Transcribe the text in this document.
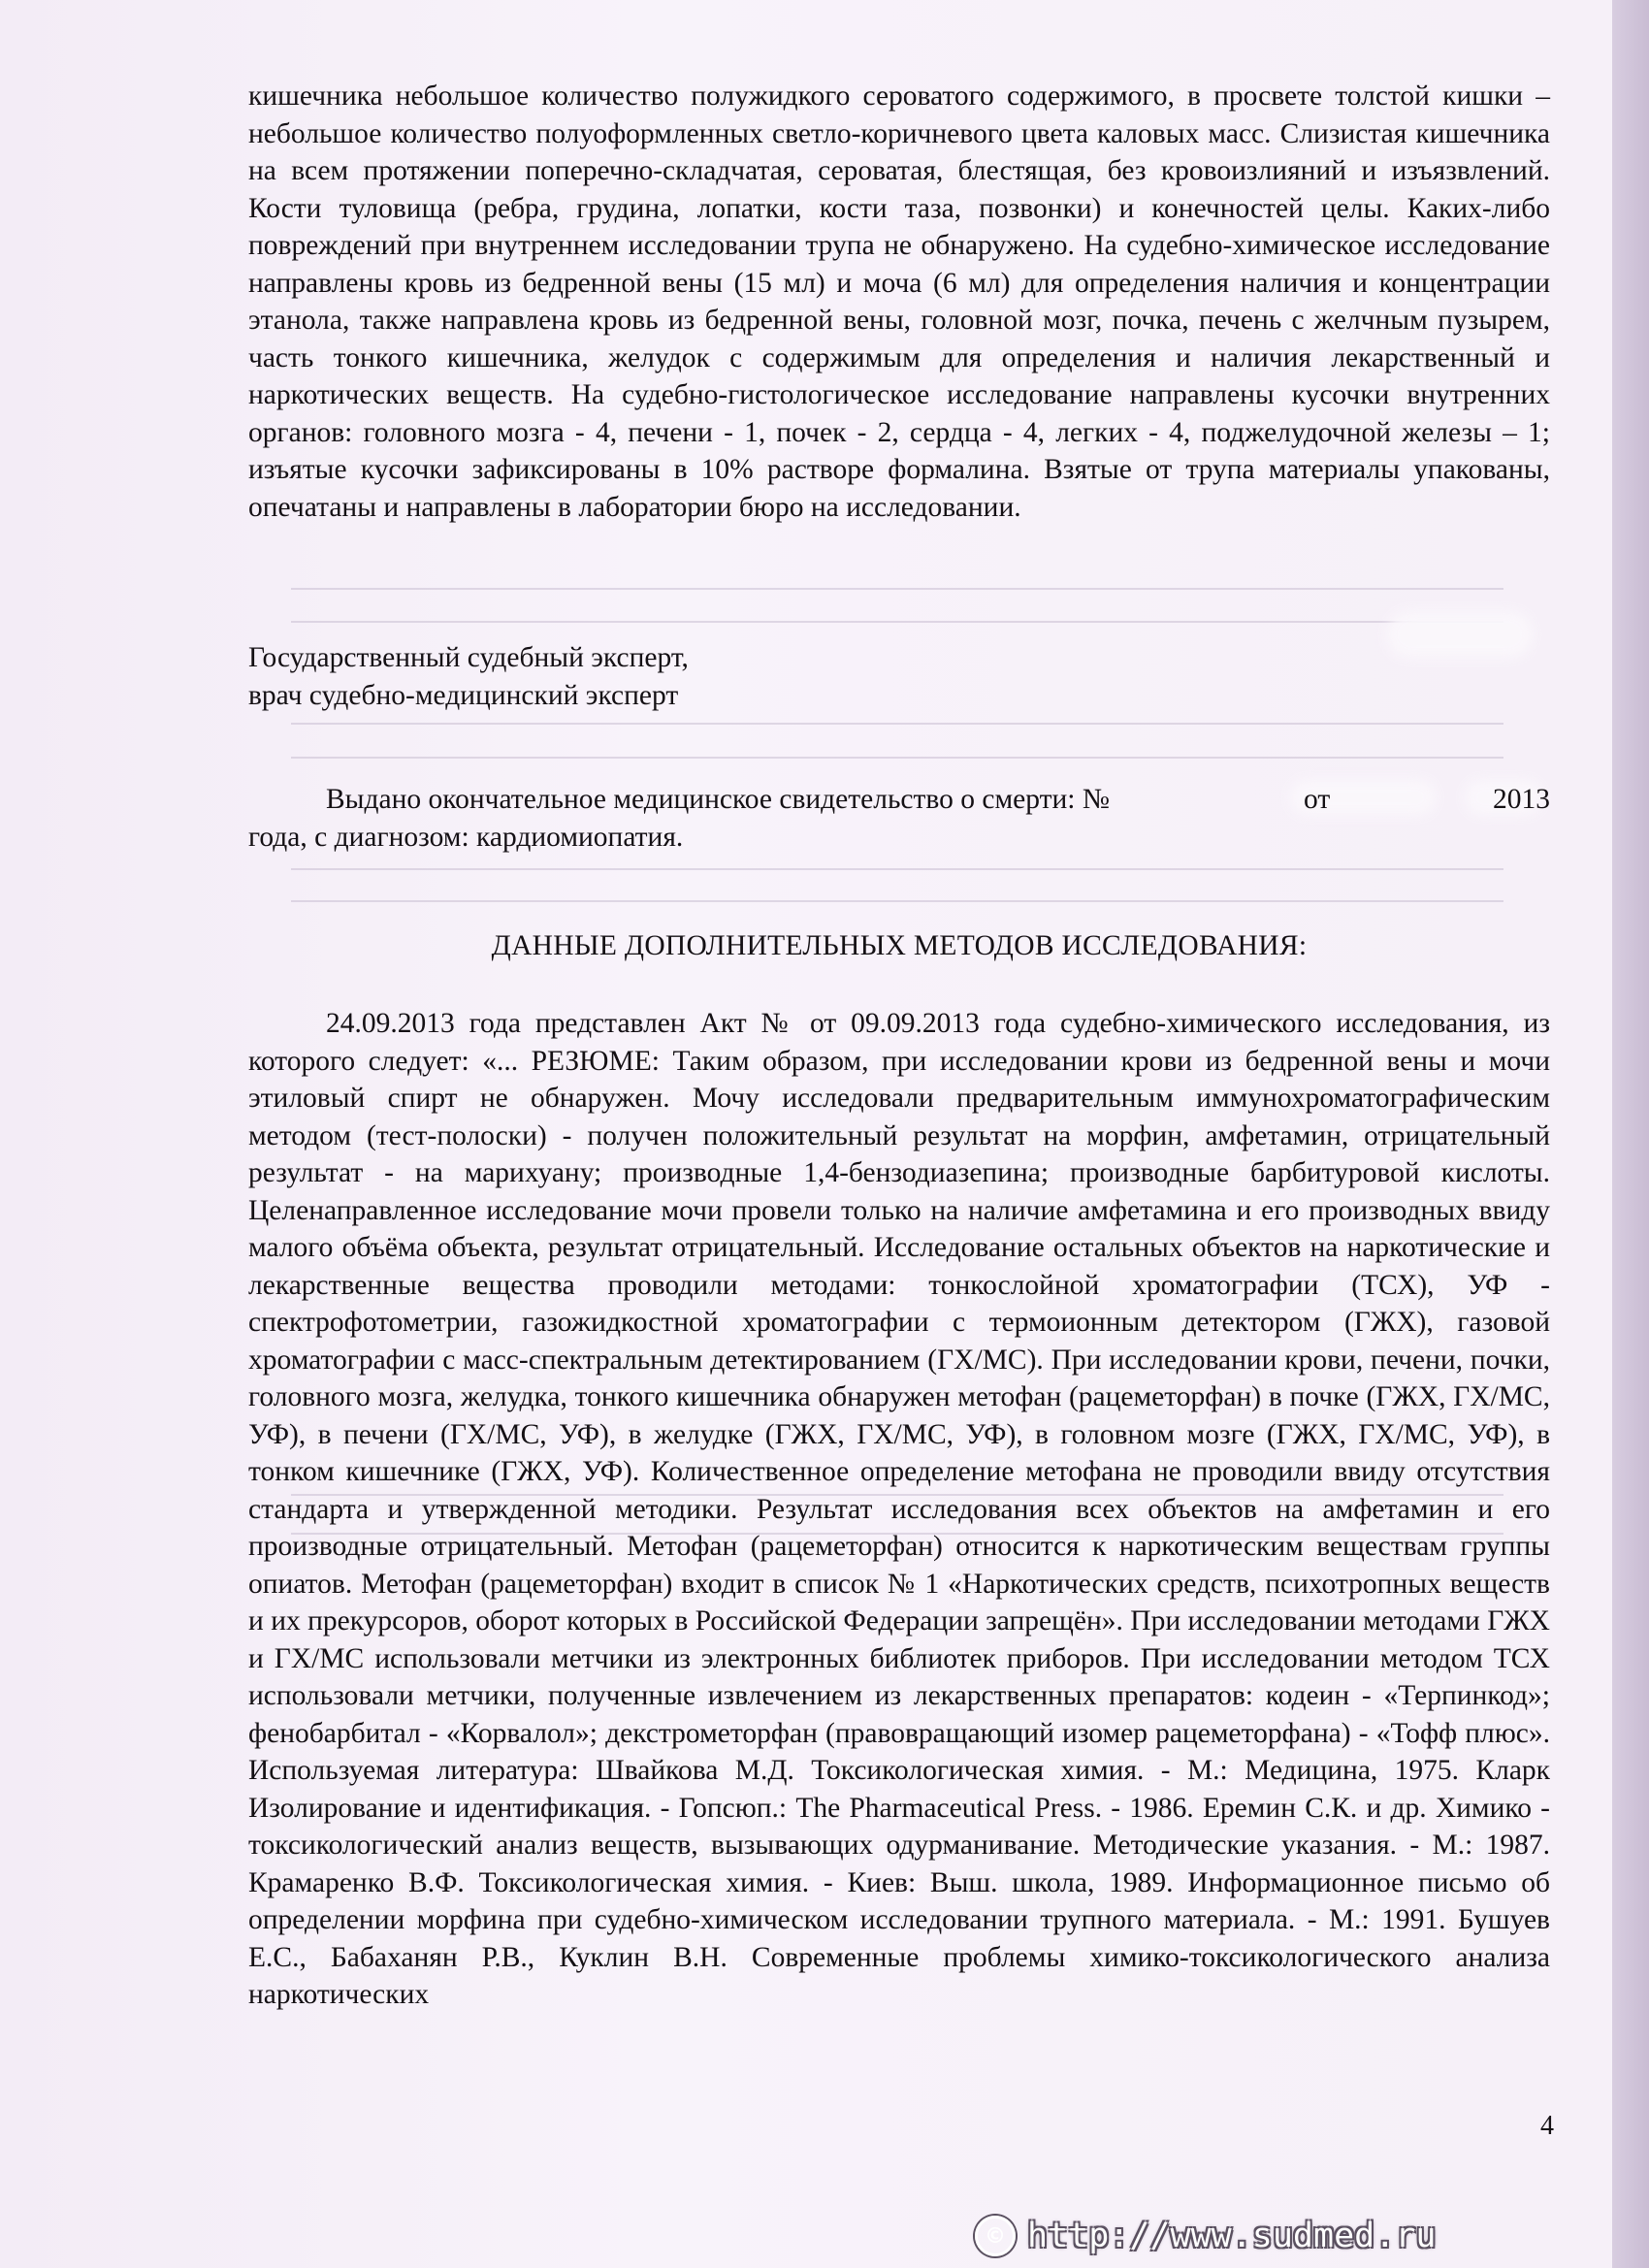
кишечника небольшое количество полужидкого сероватого содержимого, в просвете толстой кишки – небольшое количество полуоформленных светло-коричневого цвета каловых масс. Слизистая кишечника на всем протяжении поперечно-складчатая, сероватая, блестящая, без кровоизлияний и изъязвлений. Кости туловища (ребра, грудина, лопатки, кости таза, позвонки) и конечностей целы. Каких-либо повреждений при внутреннем исследовании трупа не обнаружено. На судебно-химическое исследование направлены кровь из бедренной вены (15 мл) и моча (6 мл) для определения наличия и концентрации этанола, также направлена кровь из бедренной вены, головной мозг, почка, печень с желчным пузырем, часть тонкого кишечника, желудок с содержимым для определения и наличия лекарственный и наркотических веществ. На судебно-гистологическое исследование направлены кусочки внутренних органов: головного мозга - 4, печени - 1, почек - 2, сердца - 4, легких - 4, поджелудочной железы – 1; изъятые кусочки зафиксированы в 10% растворе формалина. Взятые от трупа материалы упакованы, опечатаны и направлены в лаборатории бюро на исследовании.

Государственный судебный эксперт,
врач судебно-медицинский эксперт
Выдано окончательное медицинское свидетельство о смерти: №	от	2013
года, с диагнозом: кардиомиопатия.
ДАННЫЕ ДОПОЛНИТЕЛЬНЫХ МЕТОДОВ ИССЛЕДОВАНИЯ:

24.09.2013 года представлен Акт № от 09.09.2013 года судебно-химического исследования, из которого следует: «... РЕЗЮМЕ: Таким образом, при исследовании крови из бедренной вены и мочи этиловый спирт не обнаружен. Мочу исследовали предварительным иммунохроматографическим методом (тест-полоски) - получен положительный результат на морфин, амфетамин, отрицательный результат - на марихуану; производные 1,4-бензодиазепина; производные барбитуровой кислоты. Целенаправленное исследование мочи провели только на наличие амфетамина и его производных ввиду малого объёма объекта, результат отрицательный. Исследование остальных объектов на наркотические и лекарственные вещества проводили методами: тонкослойной хроматографии (ТСХ), УФ - спектрофотометрии, газожидкостной хроматографии с термоионным детектором (ГЖХ), газовой хроматографии с масс-спектральным детектированием (ГХ/МС). При исследовании крови, печени, почки, головного мозга, желудка, тонкого кишечника обнаружен метофан (рацеметорфан) в почке (ГЖХ, ГХ/МС, УФ), в печени (ГХ/МС, УФ), в желудке (ГЖХ, ГХ/МС, УФ), в головном мозге (ГЖХ, ГХ/МС, УФ), в тонком кишечнике (ГЖХ, УФ). Количественное определение метофана не проводили ввиду отсутствия стандарта и утвержденной методики. Результат исследования всех объектов на амфетамин и его производные отрицательный. Метофан (рацеметорфан) относится к наркотическим веществам группы опиатов. Метофан (рацеметорфан) входит в список № 1 «Наркотических средств, психотропных веществ и их прекурсоров, оборот которых в Российской Федерации запрещён». При исследовании методами ГЖХ и ГХ/МС использовали метчики из электронных библиотек приборов. При исследовании методом ТСХ использовали метчики, полученные извлечением из лекарственных препаратов: кодеин - «Терпинкод»; фенобарбитал - «Корвалол»; декстрометорфан (правовращающий изомер рацеметорфана) - «Тофф плюс». Используемая литература: Швайкова М.Д. Токсикологическая химия. - М.: Медицина, 1975. Кларк Изолирование и идентификация. - Гопсюп.: The Pharmaceutical Press. - 1986. Еремин С.К. и др. Химико - токсикологический анализ веществ, вызывающих одурманивание. Методические указания. - М.: 1987. Крамаренко В.Ф. Токсикологическая химия. - Киев: Выш. школа, 1989. Информационное письмо об определении морфина при судебно-химическом исследовании трупного материала. - М.: 1991. Бушуев Е.С., Бабаханян Р.В., Куклин В.Н. Современные проблемы химико-токсикологического анализа наркотических

4
© http://www.sudmed.ru
